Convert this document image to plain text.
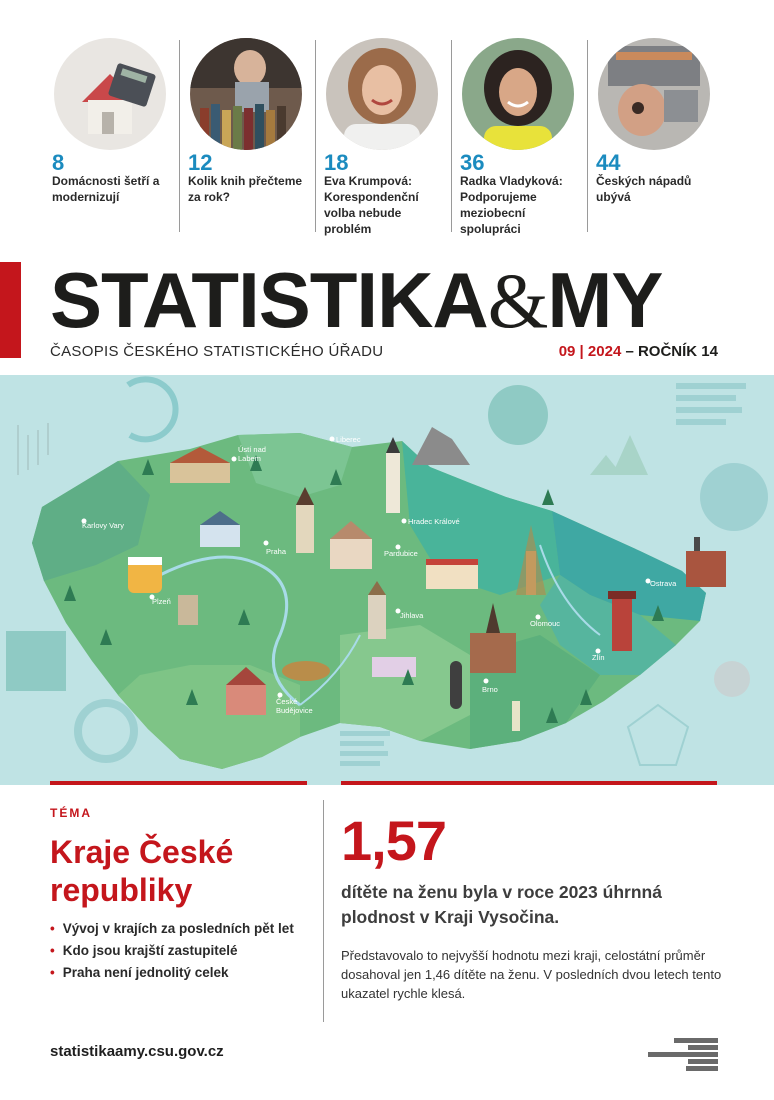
8
Domácnosti šetří a modernizují
12
Kolik knih přečteme za rok?
18
Eva Krumpová: Korespondenční volba nebude problém
36
Radka Vladyková: Podporujeme meziobecní spolupráci
44
Českých nápadů ubývá
STATISTIKA&MY
ČASOPIS ČESKÉHO STATISTICKÉHO ÚŘADU	09 | 2024 – ROČNÍK 14
Ústí nad Labem
Liberec
Karlovy Vary	Hradec Králové
Pardubice
Praha
Ostrava
Plzeň
Olomouc
Jihlava
Zlín
Brno
České Budějovice
TÉMA
Kraje České republiky
• Vývoj v krajích za posledních pět let
• Kdo jsou krajští zastupitelé
• Praha není jednolitý celek
1,57
dítěte na ženu byla v roce 2023 úhrnná plodnost v Kraji Vysočina.
Představovalo to nejvyšší hodnotu mezi kraji, celostátní průměr dosahoval jen 1,46 dítěte na ženu. V posledních dvou letech tento ukazatel rychle klesá.
statistikaamy.csu.gov.cz
